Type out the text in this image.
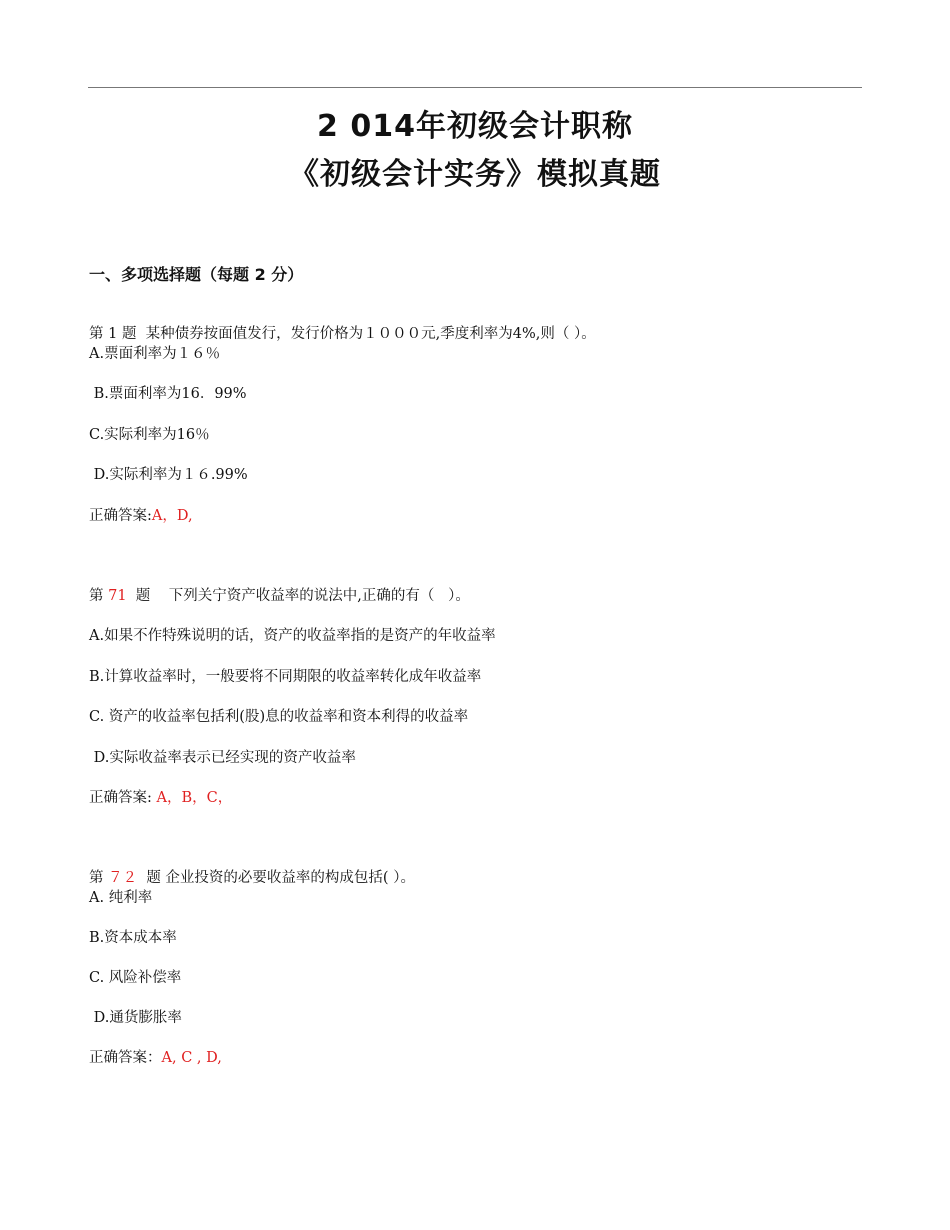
2 014年初级会计职称
《初级会计实务》模拟真题
一、多项选择题（每题 2 分）
第 1 题  某种债券按面值发行，发行价格为１０００元,季度利率为4%,则（ ）。
A.票面利率为１６％
B.票面利率为16．99%
C.实际利率为16％
D.实际利率为１６.99%
正确答案:A，D,
第 71  题    下列关宁资产收益率的说法中,正确的有（   ）。
A.如果不作特殊说明的话，资产的收益率指的是资产的年收益率
B.计算收益率时，一般要将不同期限的收益率转化成年收益率
C. 资产的收益率包括利(股)息的收益率和资本利得的收益率
D.实际收益率表示已经实现的资产收益率
正确答案: A，B，C，
第 ７２  题 企业投资的必要收益率的构成包括( ）。
A. 纯利率
B.资本成本率
C. 风险补偿率
D.通货膨胀率
正确答案：A, C , D,
